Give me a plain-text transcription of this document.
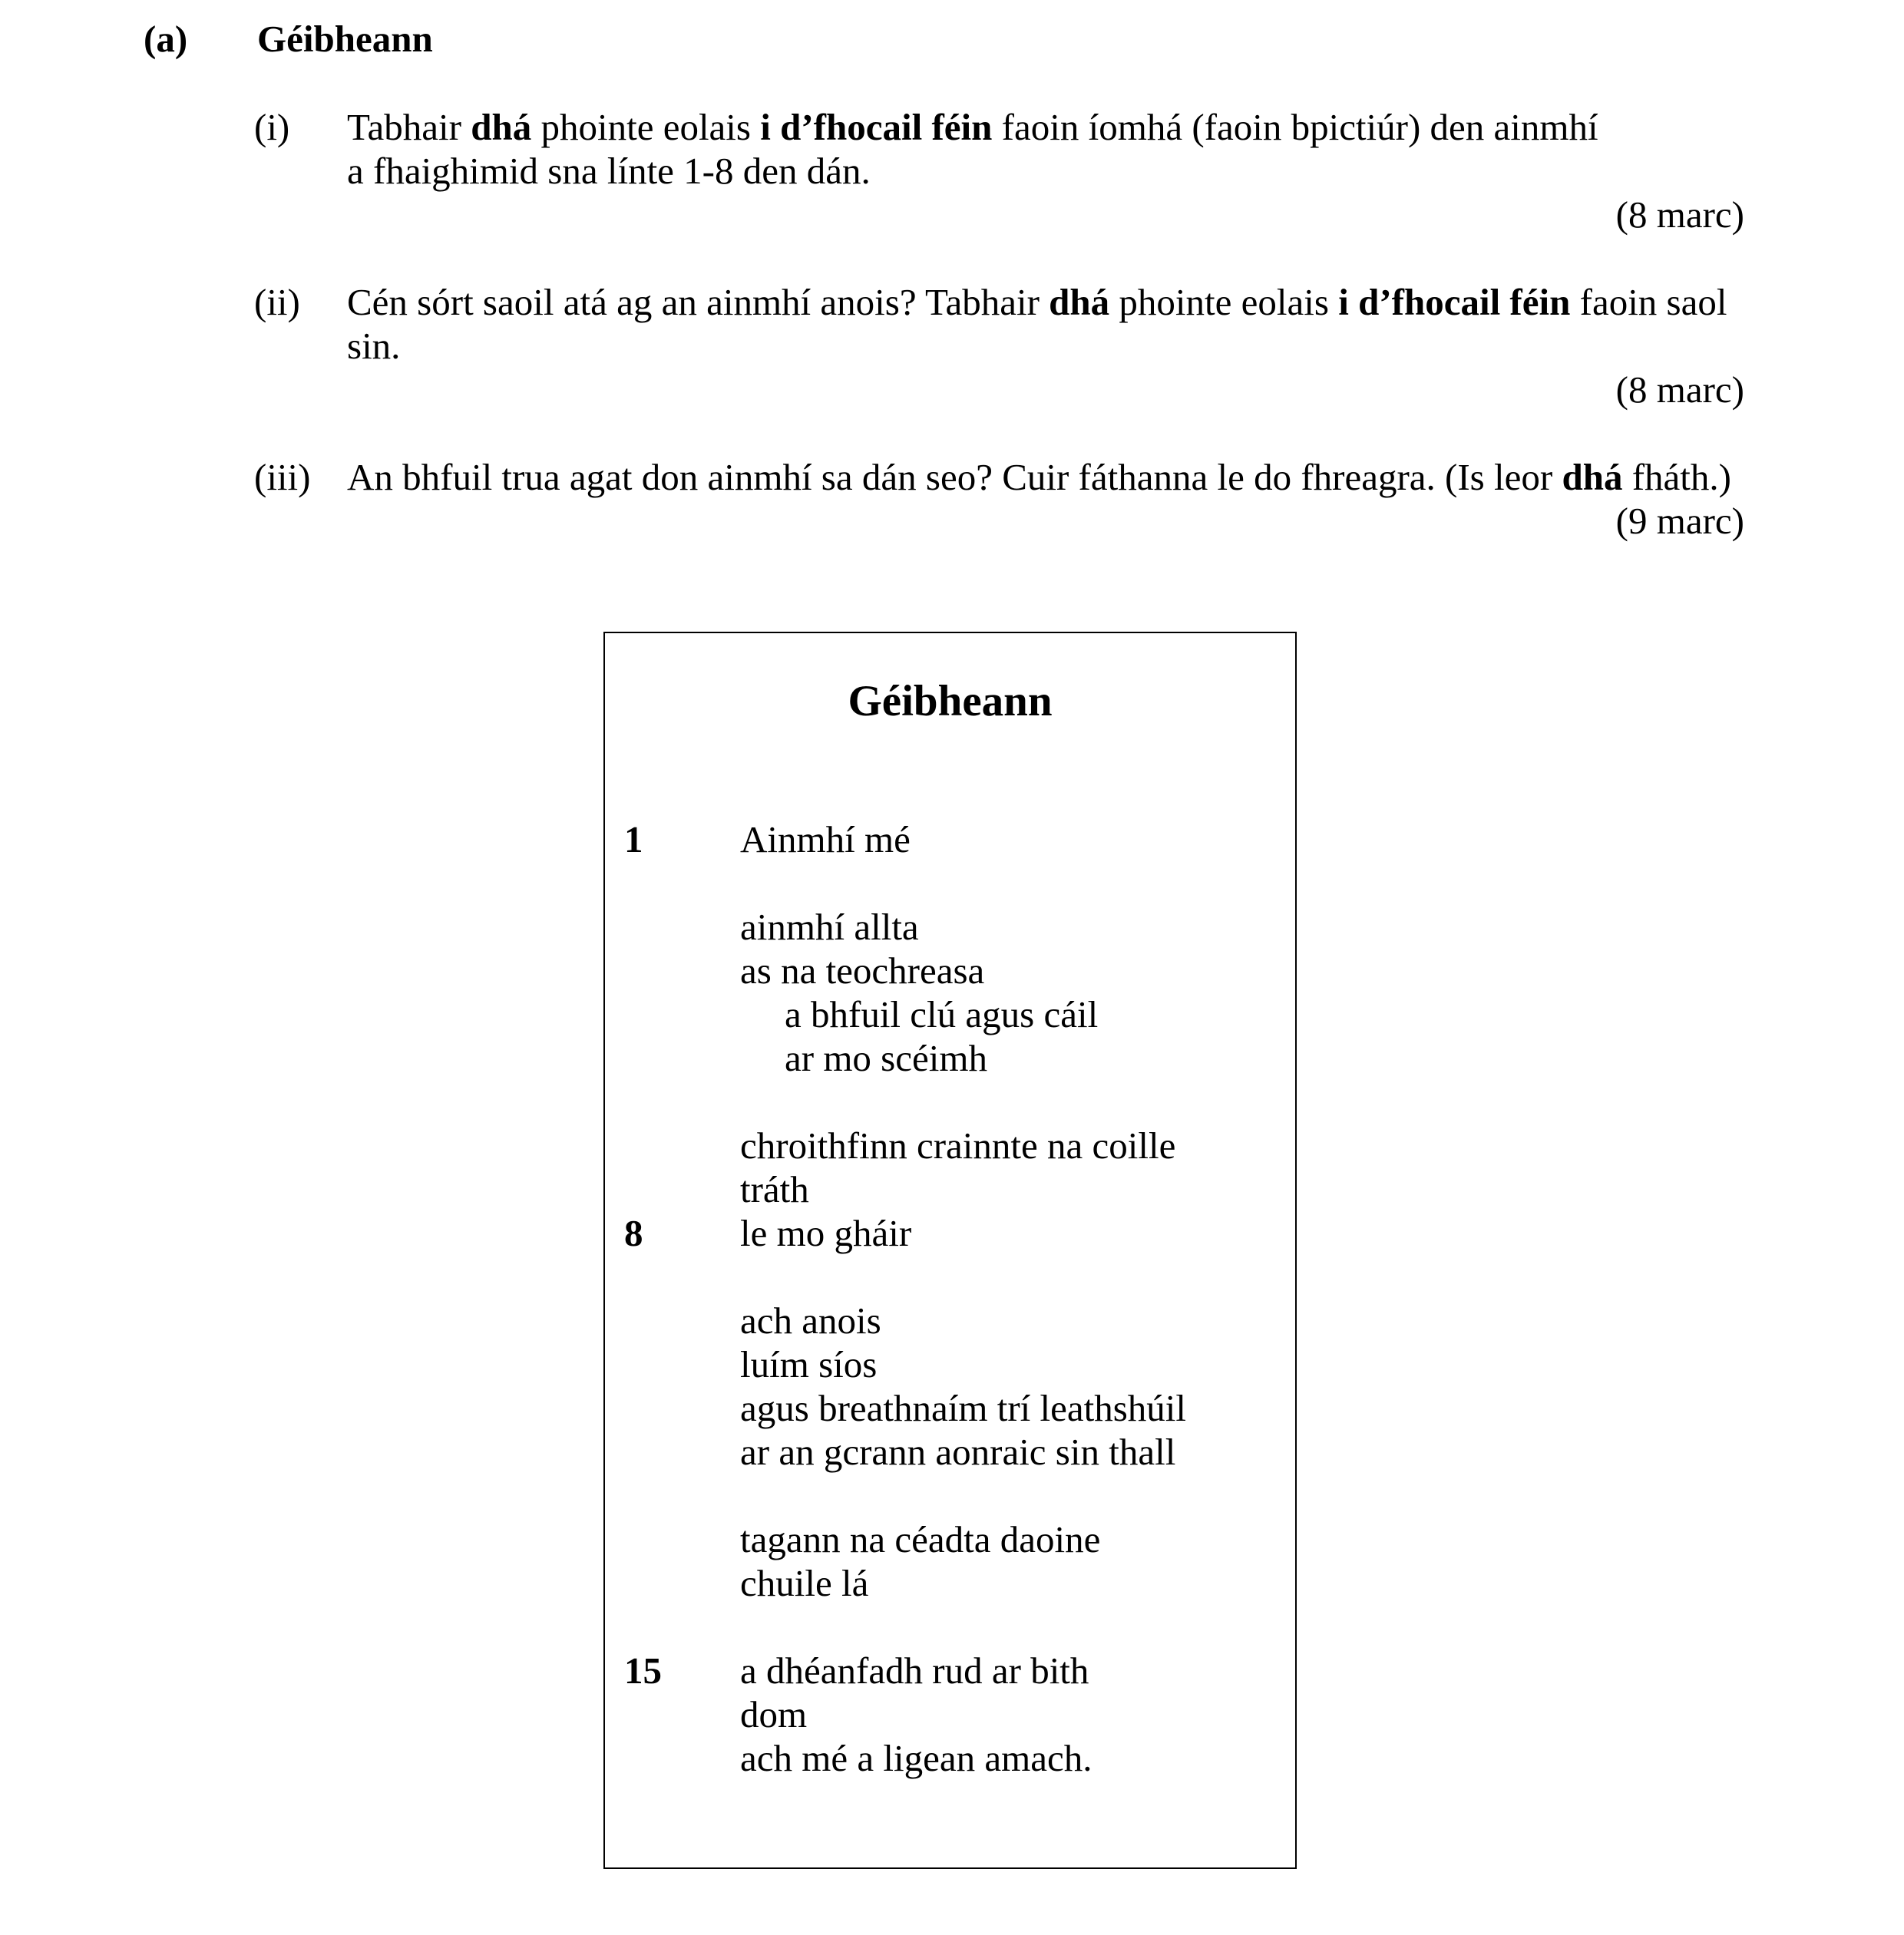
(a) Géibheann
(i) Tabhair dhá phointe eolais i d’fhocail féin faoin íomhá (faoin bpictiúr) den ainmhí
a fhaighimid sna línte 1-8 den dán.
(8 marc)
(ii) Cén sórt saoil atá ag an ainmhí anois? Tabhair dhá phointe eolais i d’fhocail féin faoin saol
sin.
(8 marc)
(iii) An bhfuil trua agat don ainmhí sa dán seo? Cuir fáthanna le do fhreagra. (Is leor dhá fháth.)
(9 marc)
Géibheann
1	Ainmhí mé
ainmhí allta
as na teochreasa
a bhfuil clú agus cáil
ar mo scéimh
chroithfinn crainnte na coille
tráth
8	le mo gháir
ach anois
luím síos
agus breathnaím trí leathshúil
ar an gcrann aonraic sin thall
tagann na céadta daoine
chuile lá
15 a dhéanfadh rud ar bith
dom
ach mé a ligean amach.
